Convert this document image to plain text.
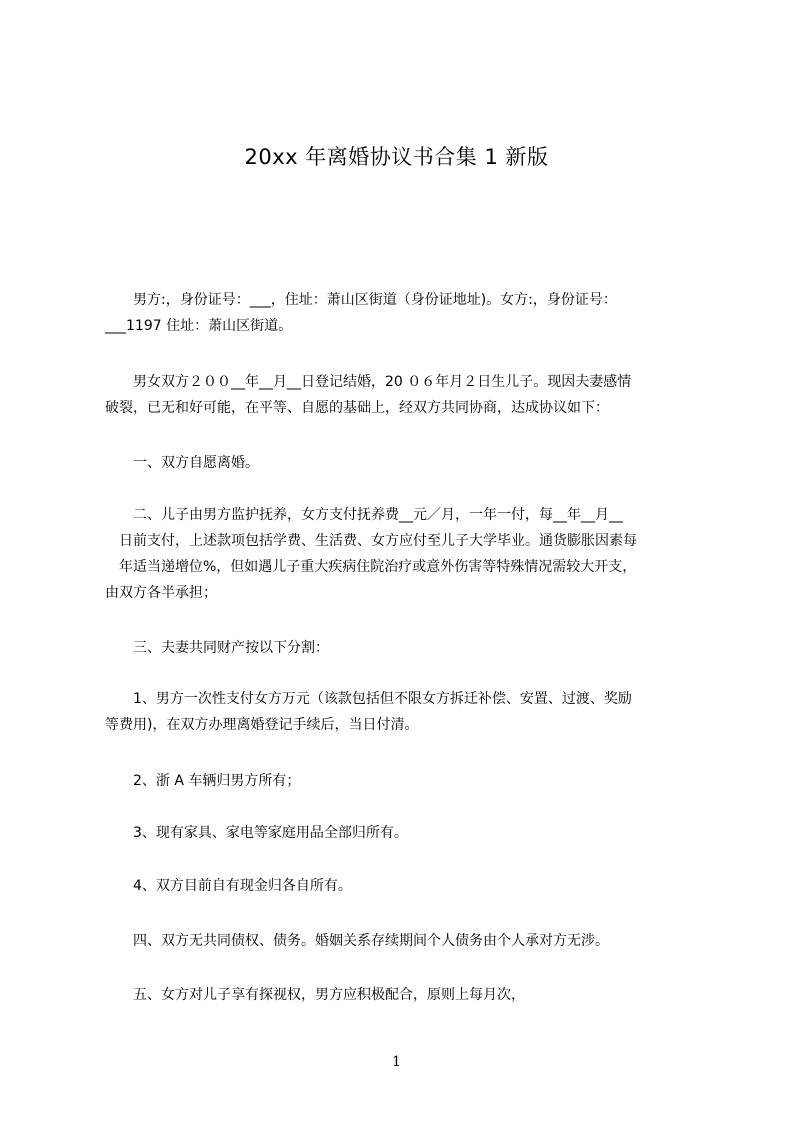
20xx 年离婚协议书合集 1 新版

　　男方:，身份证号：___，住址：萧山区街道（身份证地址)。女方:，身份证号：
___1197 住址：萧山区街道。

　　男女双方２００__年__月__日登记结婚，20 ０６年月２日生儿子。现因夫妻感情
破裂，已无和好可能，在平等、自愿的基础上，经双方共同协商，达成协议如下：

　　一、双方自愿离婚。

　　二、儿子由男方监护抚养，女方支付抚养费__元／月，一年一付，每__年__月__
　日前支付，上述款项包括学费、生活费、女方应付至儿子大学毕业。通货膨胀因素每
　年适当递增位%，但如遇儿子重大疾病住院治疗或意外伤害等特殊情况需较大开支，
由双方各半承担；

　　三、夫妻共同财产按以下分割：

　　1、男方一次性支付女方万元（该款包括但不限女方拆迁补偿、安置、过渡、奖励
等费用)，在双方办理离婚登记手续后，当日付清。

　　2、浙 A 车辆归男方所有；

　　3、现有家具、家电等家庭用品全部归所有。

　　4、双方目前自有现金归各自所有。

　　四、双方无共同债权、债务。婚姻关系存续期间个人债务由个人承对方无涉。

　　五、女方对儿子享有探视权，男方应积极配合，原则上每月次，

1
